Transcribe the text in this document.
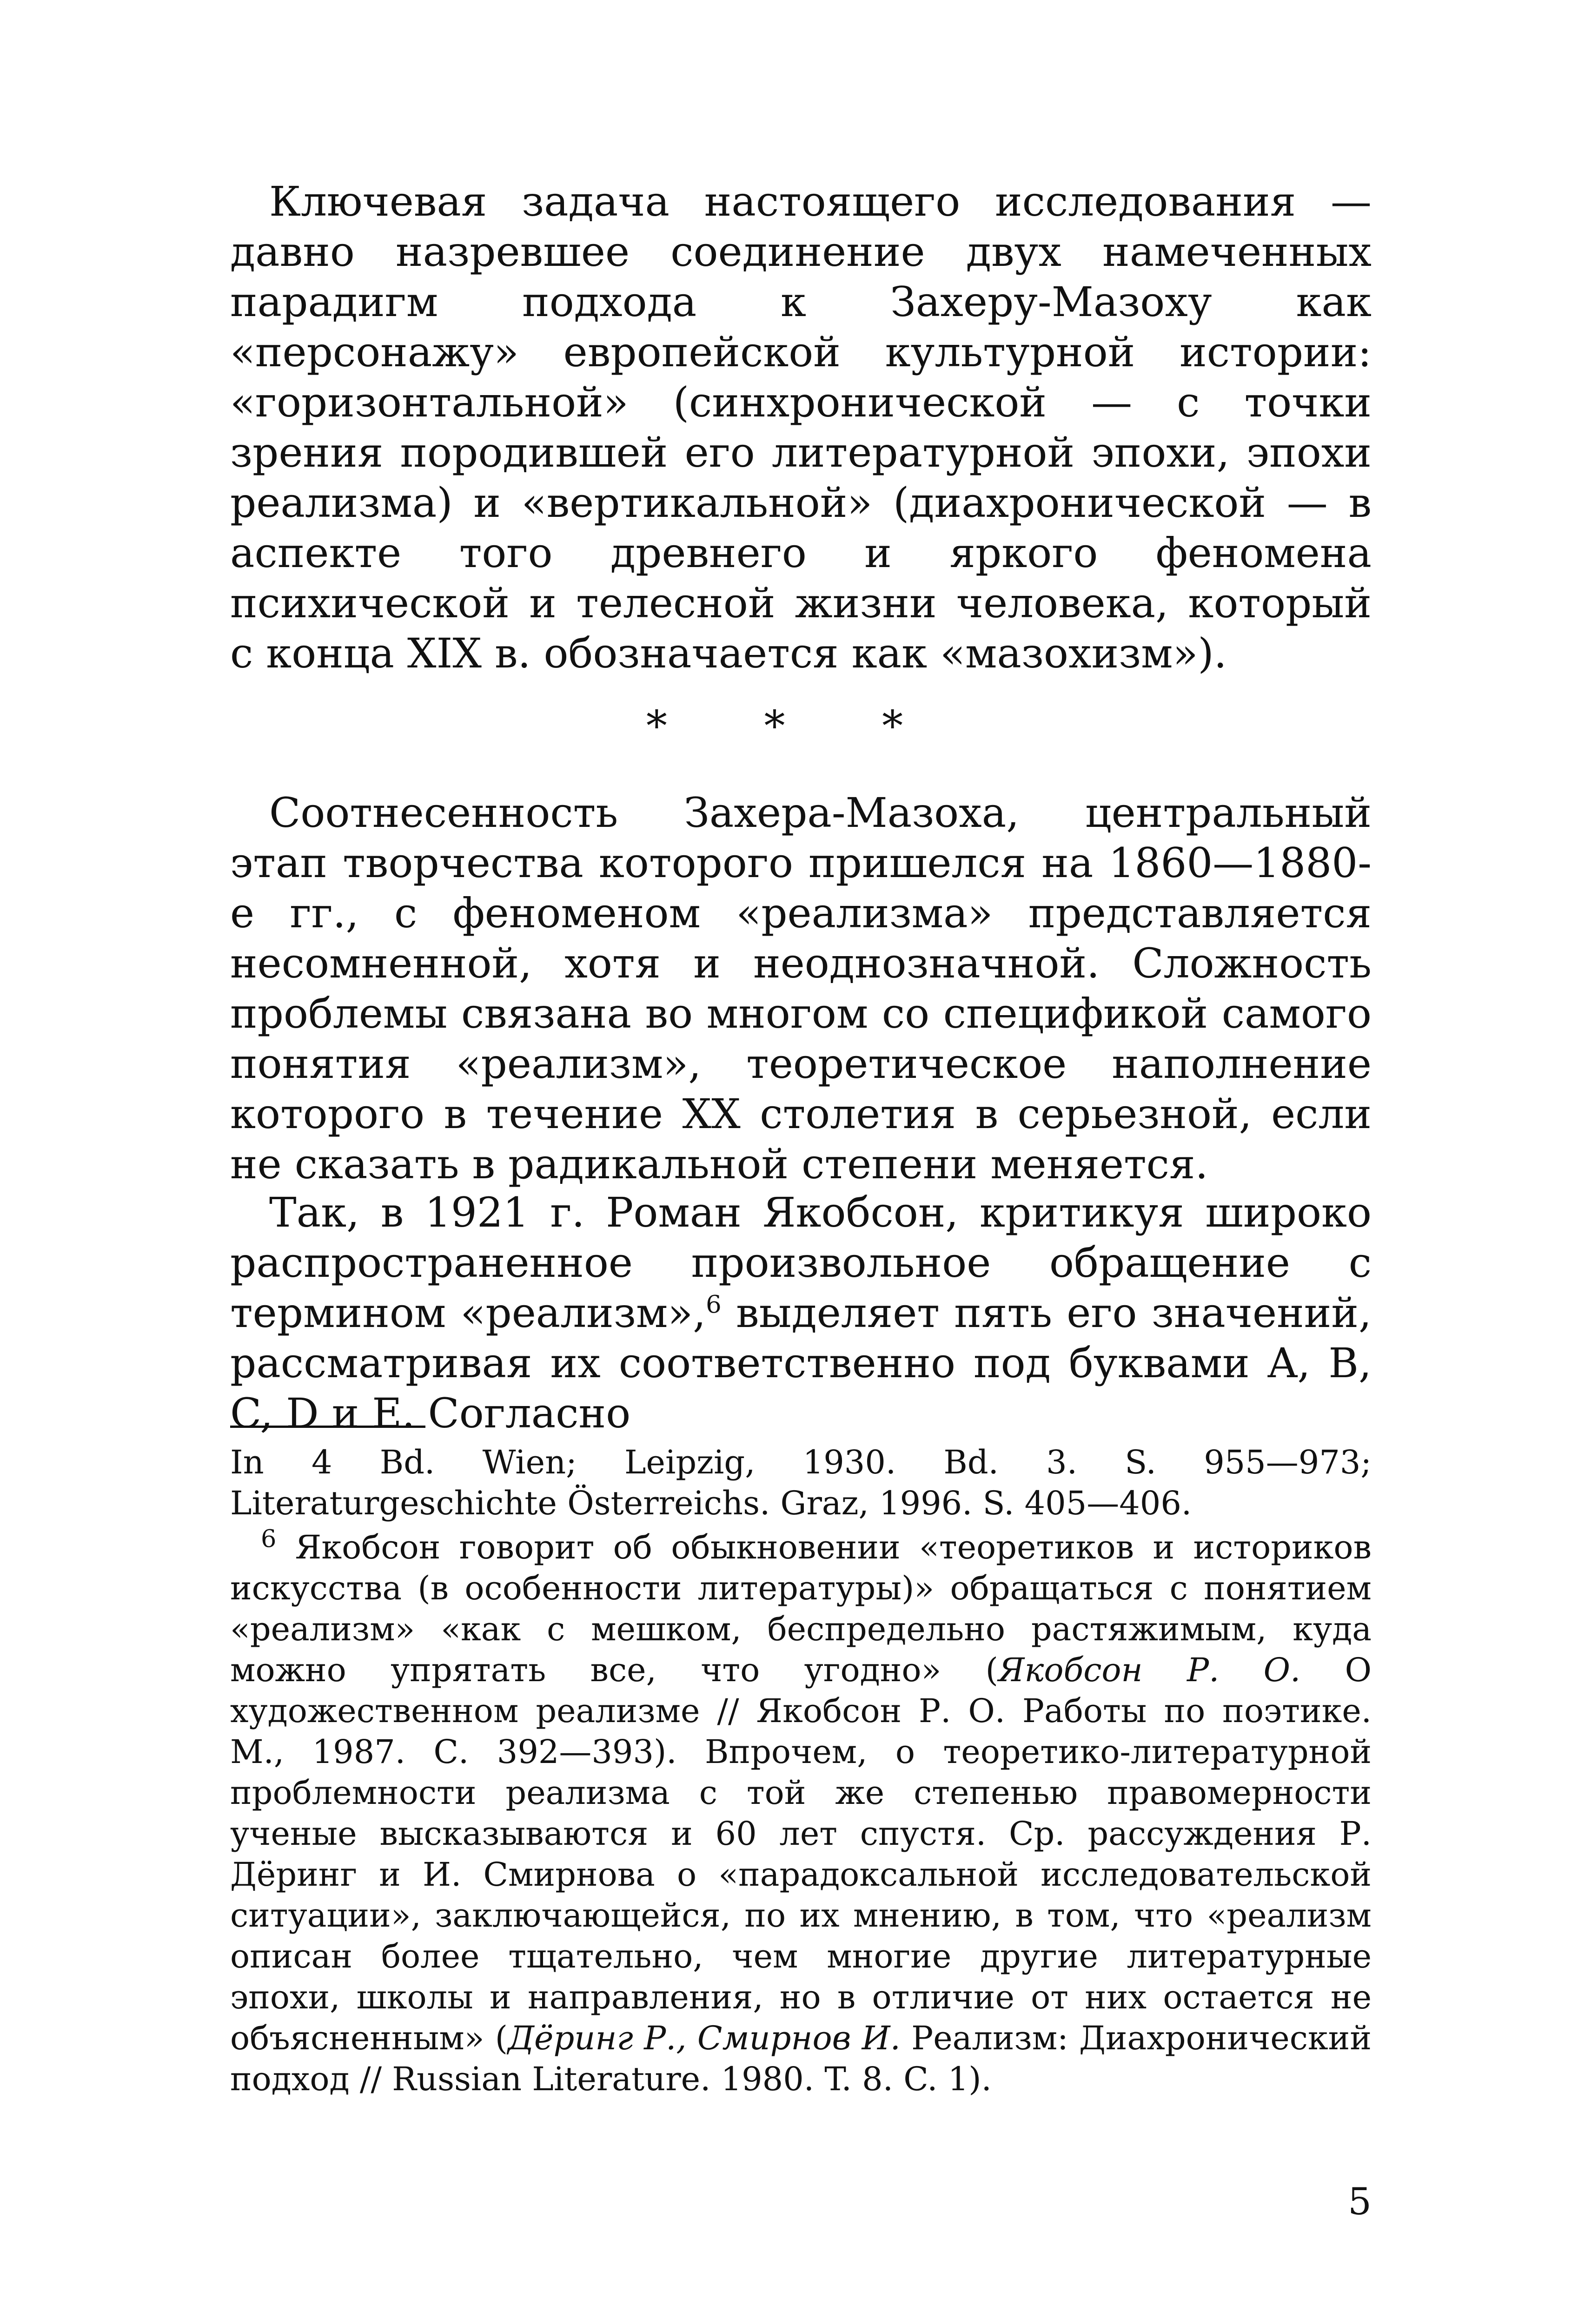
Ключевая задача настоящего исследования — давно назревшее соединение двух намеченных парадигм подхода к Захеру-Мазоху как «персонажу» европейской культурной истории: «горизонтальной» (синхронической — с точки зрения породившей его литературной эпохи, эпохи реализма) и «вертикальной» (диахронической — в аспекте того древнего и яркого феномена психической и телесной жизни человека, который с конца XIX в. обозначается как «мазохизм»).

* * *

Соотнесенность Захера-Мазоха, центральный этап творчества которого пришелся на 1860—1880-е гг., с феноменом «реализма» представляется несомненной, хотя и неоднозначной. Сложность проблемы связана во многом со спецификой самого понятия «реализм», теоретическое наполнение которого в течение XX столетия в серьезной, если не сказать в радикальной степени меняется.

Так, в 1921 г. Роман Якобсон, критикуя широко распространенное произвольное обращение с термином «реализм»,$^6$ выделяет пять его значений, рассматривая их соответственно под буквами A, B, C, D и E. Согласно

In 4 Bd. Wien; Leipzig, 1930. Bd. 3. S. 955—973; Literaturgeschichte Österreichs. Graz, 1996. S. 405—406.

$^6$ Якобсон говорит об обыкновении «теоретиков и историков искусства (в особенности литературы)» обращаться с понятием «реализм» «как с мешком, беспредельно растяжимым, куда можно упрятать все, что угодно» (Якобсон Р. О. О художественном реализме // Якобсон Р. О. Работы по поэтике. М., 1987. С. 392—393). Впрочем, о теоретико-литературной проблемности реализма с той же степенью правомерности ученые высказываются и 60 лет спустя. Ср. рассуждения Р. Дёринг и И. Смирнова о «парадоксальной исследовательской ситуации», заключающейся, по их мнению, в том, что «реализм описан более тщательно, чем многие другие литературные эпохи, школы и направления, но в отличие от них остается не объясненным» (Дёринг Р., Смирнов И. Реализм: Диахронический подход // Russian Literature. 1980. T. 8. C. 1).

5
